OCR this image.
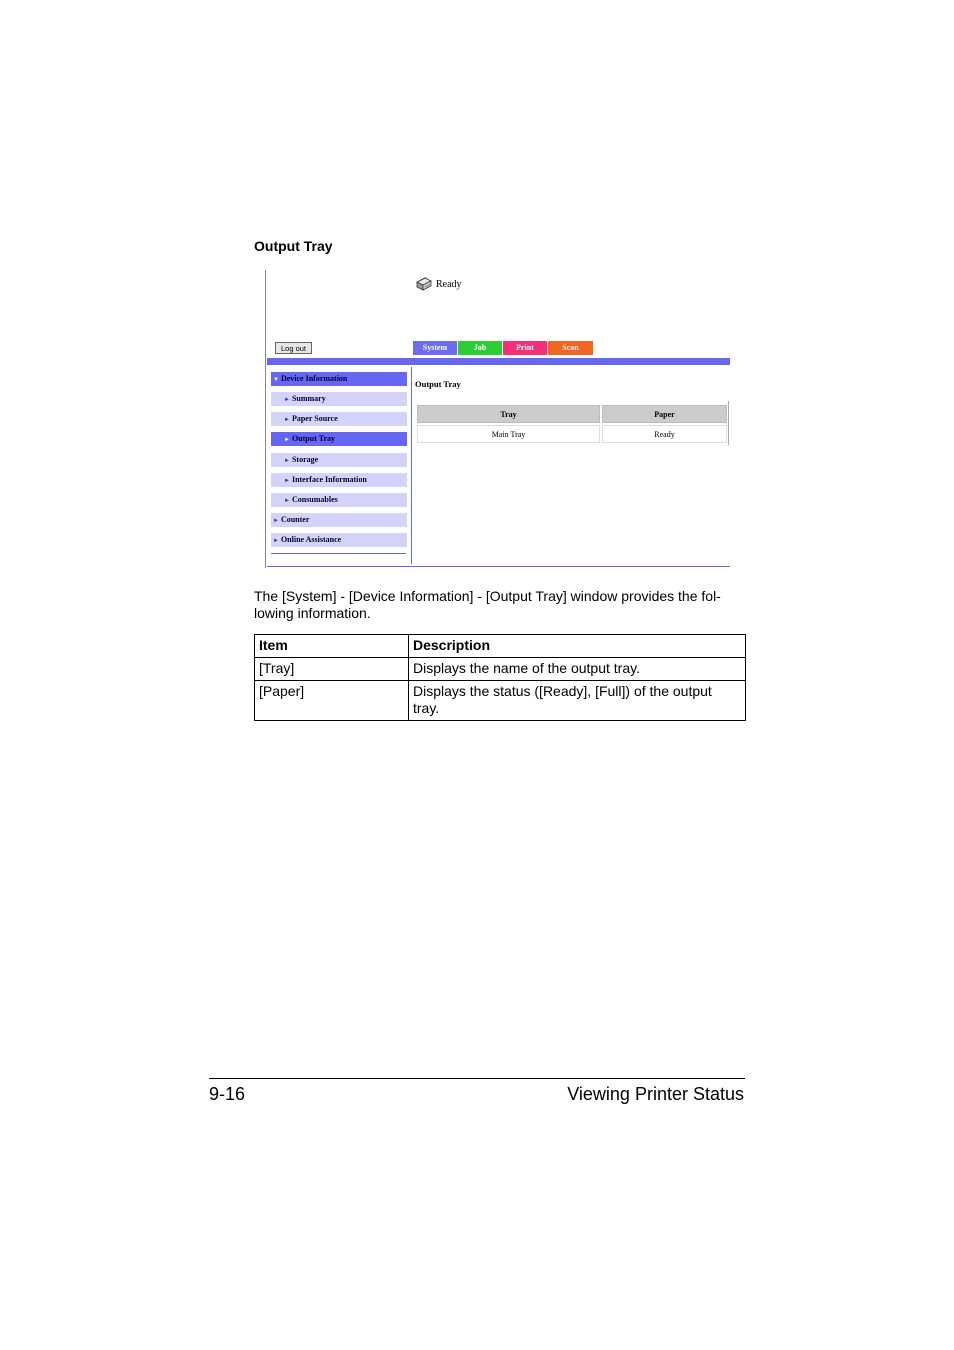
Output Tray
Ready
Log out	System	Job	Print	Scan
▼ Device Information
► Summary
► Paper Source
► Output Tray
► Storage
► Interface Information
► Consumables
► Counter
► Online Assistance
Output Tray
Tray	Paper
Main Tray	Ready
The [System] - [Device Information] - [Output Tray] window provides the fol-lowing information.
Item	Description
[Tray]	Displays the name of the output tray.
[Paper]	Displays the status ([Ready], [Full]) of the output tray.
9-16	Viewing Printer Status
